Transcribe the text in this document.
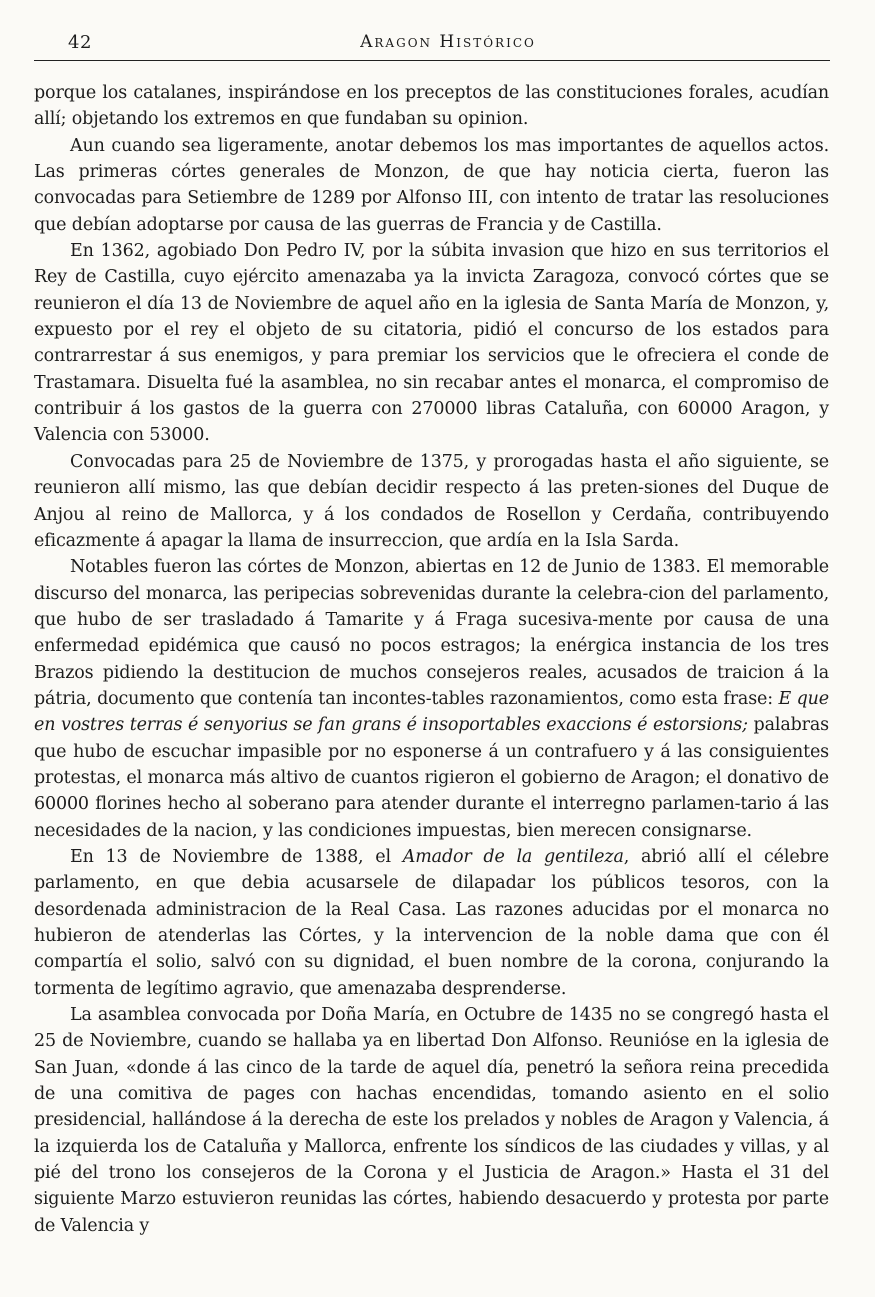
42	Aragon Histórico

porque los catalanes, inspirándose en los preceptos de las constituciones forales, acudían allí; objetando los extremos en que fundaban su opinion.

Aun cuando sea ligeramente, anotar debemos los mas importantes de aquellos actos. Las primeras córtes generales de Monzon, de que hay noticia cierta, fueron las convocadas para Setiembre de 1289 por Alfonso III, con intento de tratar las resoluciones que debían adoptarse por causa de las guerras de Francia y de Castilla.

En 1362, agobiado Don Pedro IV, por la súbita invasion que hizo en sus territorios el Rey de Castilla, cuyo ejército amenazaba ya la invicta Zaragoza, convocó córtes que se reunieron el día 13 de Noviembre de aquel año en la iglesia de Santa María de Monzon, y, expuesto por el rey el objeto de su citatoria, pidió el concurso de los estados para contrarrestar á sus enemigos, y para premiar los servicios que le ofreciera el conde de Trastamara. Disuelta fué la asamblea, no sin recabar antes el monarca, el compromiso de contribuir á los gastos de la guerra con 270000 libras Cataluña, con 60000 Aragon, y Valencia con 53000.

Convocadas para 25 de Noviembre de 1375, y prorogadas hasta el año siguiente, se reunieron allí mismo, las que debían decidir respecto á las preten-siones del Duque de Anjou al reino de Mallorca, y á los condados de Rosellon y Cerdaña, contribuyendo eficazmente á apagar la llama de insurreccion, que ardía en la Isla Sarda.

Notables fueron las córtes de Monzon, abiertas en 12 de Junio de 1383. El memorable discurso del monarca, las peripecias sobrevenidas durante la celebra-cion del parlamento, que hubo de ser trasladado á Tamarite y á Fraga sucesiva-mente por causa de una enfermedad epidémica que causó no pocos estragos; la enérgica instancia de los tres Brazos pidiendo la destitucion de muchos consejeros reales, acusados de traicion á la pátria, documento que contenía tan incontes-tables razonamientos, como esta frase: E que en vostres terras é senyorius se fan grans é insoportables exaccions é estorsions; palabras que hubo de escuchar impasible por no esponerse á un contrafuero y á las consiguientes protestas, el monarca más altivo de cuantos rigieron el gobierno de Aragon; el donativo de 60000 florines hecho al soberano para atender durante el interregno parlamen-tario á las necesidades de la nacion, y las condiciones impuestas, bien merecen consignarse.

En 13 de Noviembre de 1388, el Amador de la gentileza, abrió allí el célebre parlamento, en que debia acusarsele de dilapadar los públicos tesoros, con la desordenada administracion de la Real Casa. Las razones aducidas por el monarca no hubieron de atenderlas las Córtes, y la intervencion de la noble dama que con él compartía el solio, salvó con su dignidad, el buen nombre de la corona, conjurando la tormenta de legítimo agravio, que amenazaba desprenderse.

La asamblea convocada por Doña María, en Octubre de 1435 no se congregó hasta el 25 de Noviembre, cuando se hallaba ya en libertad Don Alfonso. Reunióse en la iglesia de San Juan, «donde á las cinco de la tarde de aquel día, penetró la señora reina precedida de una comitiva de pages con hachas encendidas, tomando asiento en el solio presidencial, hallándose á la derecha de este los prelados y nobles de Aragon y Valencia, á la izquierda los de Cataluña y Mallorca, enfrente los síndicos de las ciudades y villas, y al pié del trono los consejeros de la Corona y el Justicia de Aragon.» Hasta el 31 del siguiente Marzo estuvieron reunidas las córtes, habiendo desacuerdo y protesta por parte de Valencia y
